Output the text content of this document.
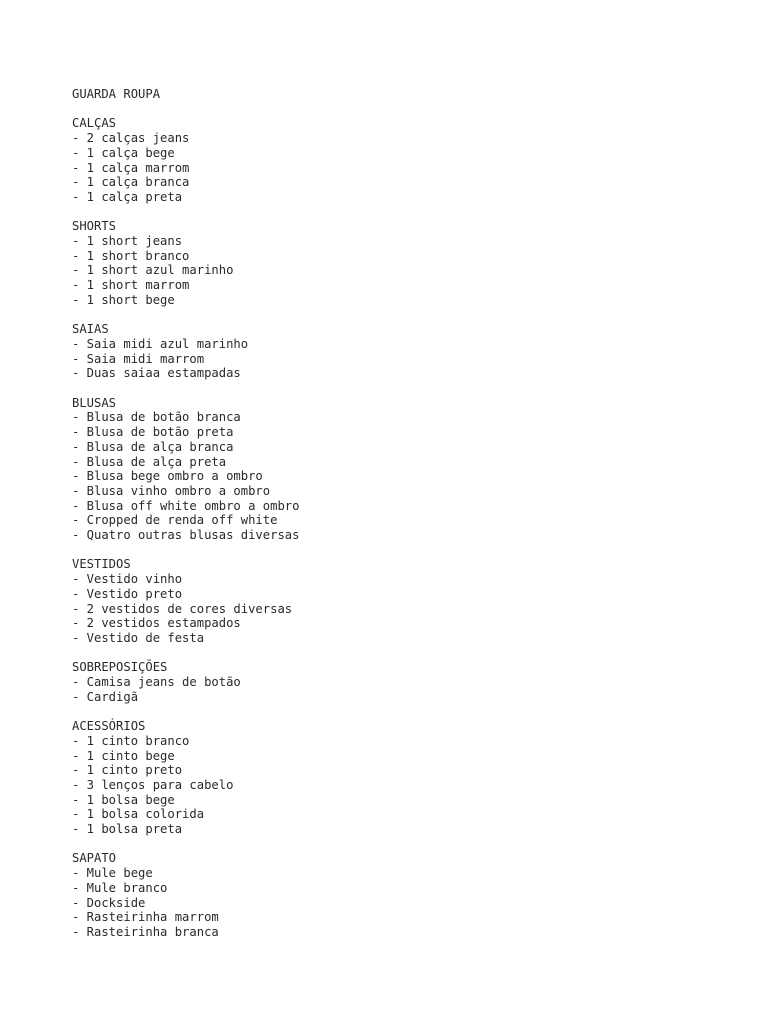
GUARDA ROUPA
CALÇAS
- 2 calças jeans
- 1 calça bege
- 1 calça marrom
- 1 calça branca
- 1 calça preta
SHORTS
- 1 short jeans
- 1 short branco
- 1 short azul marinho
- 1 short marrom
- 1 short bege
SAIAS
- Saia midi azul marinho
- Saia midi marrom
- Duas saiaa estampadas
BLUSAS
- Blusa de botão branca
- Blusa de botão preta
- Blusa de alça branca
- Blusa de alça preta
- Blusa bege ombro a ombro
- Blusa vinho ombro a ombro
- Blusa off white ombro a ombro
- Cropped de renda off white
- Quatro outras blusas diversas
VESTIDOS
- Vestido vinho
- Vestido preto
- 2 vestidos de cores diversas
- 2 vestidos estampados
- Vestido de festa
SOBREPOSIÇÕES
- Camisa jeans de botão
- Cardigã
ACESSÓRIOS
- 1 cinto branco
- 1 cinto bege
- 1 cinto preto
- 3 lenços para cabelo
- 1 bolsa bege
- 1 bolsa colorida
- 1 bolsa preta
SAPATO
- Mule bege
- Mule branco
- Dockside
- Rasteirinha marrom
- Rasteirinha branca
